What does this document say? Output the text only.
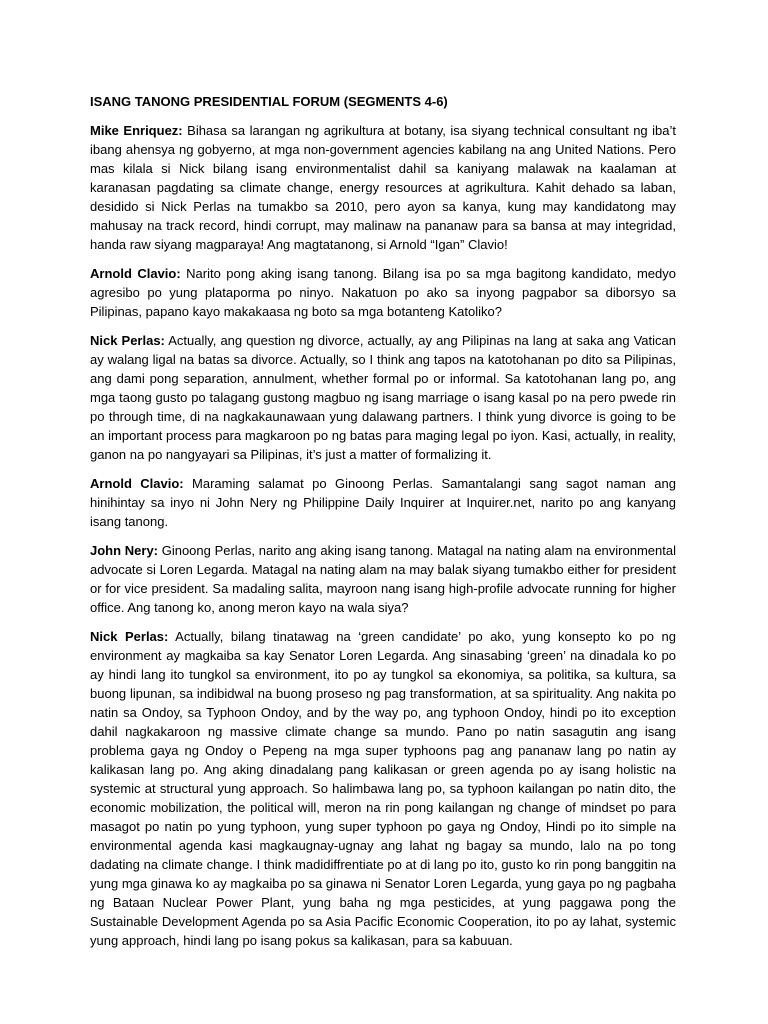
ISANG TANONG PRESIDENTIAL FORUM (SEGMENTS 4-6)

Mike Enriquez: Bihasa sa larangan ng agrikultura at botany, isa siyang technical consultant ng iba’t ibang ahensya ng gobyerno, at mga non-government agencies kabilang na ang United Nations. Pero mas kilala si Nick bilang isang environmentalist dahil sa kaniyang malawak na kaalaman at karanasan pagdating sa climate change, energy resources at agrikultura. Kahit dehado sa laban, desidido si Nick Perlas na tumakbo sa 2010, pero ayon sa kanya, kung may kandidatong may mahusay na track record, hindi corrupt, may malinaw na pananaw para sa bansa at may integridad, handa raw siyang magparaya! Ang magtatanong, si Arnold “Igan” Clavio!

Arnold Clavio: Narito pong aking isang tanong. Bilang isa po sa mga bagitong kandidato, medyo agresibo po yung plataporma po ninyo. Nakatuon po ako sa inyong pagpabor sa diborsyo sa Pilipinas, papano kayo makakaasa ng boto sa mga botanteng Katoliko?

Nick Perlas: Actually, ang question ng divorce, actually, ay ang Pilipinas na lang at saka ang Vatican ay walang ligal na batas sa divorce. Actually, so I think ang tapos na katotohanan po dito sa Pilipinas, ang dami pong separation, annulment, whether formal po or informal. Sa katotohanan lang po, ang mga taong gusto po talagang gustong magbuo ng isang marriage o isang kasal po na pero pwede rin po through time, di na nagkakaunawaan yung dalawang partners. I think yung divorce is going to be an important process para magkaroon po ng batas para maging legal po iyon. Kasi, actually, in reality, ganon na po nangyayari sa Pilipinas, it’s just a matter of formalizing it.

Arnold Clavio: Maraming salamat po Ginoong Perlas. Samantalangi sang sagot naman ang hinihintay sa inyo ni John Nery ng Philippine Daily Inquirer at Inquirer.net, narito po ang kanyang isang tanong.

John Nery: Ginoong Perlas, narito ang aking isang tanong. Matagal na nating alam na environmental advocate si Loren Legarda. Matagal na nating alam na may balak siyang tumakbo either for president or for vice president. Sa madaling salita, mayroon nang isang high-profile advocate running for higher office. Ang tanong ko, anong meron kayo na wala siya?

Nick Perlas: Actually, bilang tinatawag na ‘green candidate’ po ako, yung konsepto ko po ng environment ay magkaiba sa kay Senator Loren Legarda. Ang sinasabing ‘green’ na dinadala ko po ay hindi lang ito tungkol sa environment, ito po ay tungkol sa ekonomiya, sa politika, sa kultura, sa buong lipunan, sa indibidwal na buong proseso ng pag transformation, at sa spirituality. Ang nakita po natin sa Ondoy, sa Typhoon Ondoy, and by the way po, ang typhoon Ondoy, hindi po ito exception dahil nagkakaroon ng massive climate change sa mundo. Pano po natin sasagutin ang isang problema gaya ng Ondoy o Pepeng na mga super typhoons pag ang pananaw lang po natin ay kalikasan lang po. Ang aking dinadalang pang kalikasan or green agenda po ay isang holistic na systemic at structural yung approach. So halimbawa lang po, sa typhoon kailangan po natin dito, the economic mobilization, the political will, meron na rin pong kailangan ng change of mindset po para masagot po natin po yung typhoon, yung super typhoon po gaya ng Ondoy, Hindi po ito simple na environmental agenda kasi magkaugnay-ugnay ang lahat ng bagay sa mundo, lalo na po tong dadating na climate change. I think madidiffrentiate po at di lang po ito, gusto ko rin pong banggitin na yung mga ginawa ko ay magkaiba po sa ginawa ni Senator Loren Legarda, yung gaya po ng pagbaha ng Bataan Nuclear Power Plant, yung baha ng mga pesticides, at yung paggawa pong the Sustainable Development Agenda po sa Asia Pacific Economic Cooperation, ito po ay lahat, systemic yung approach, hindi lang po isang pokus sa kalikasan, para sa kabuuan.
